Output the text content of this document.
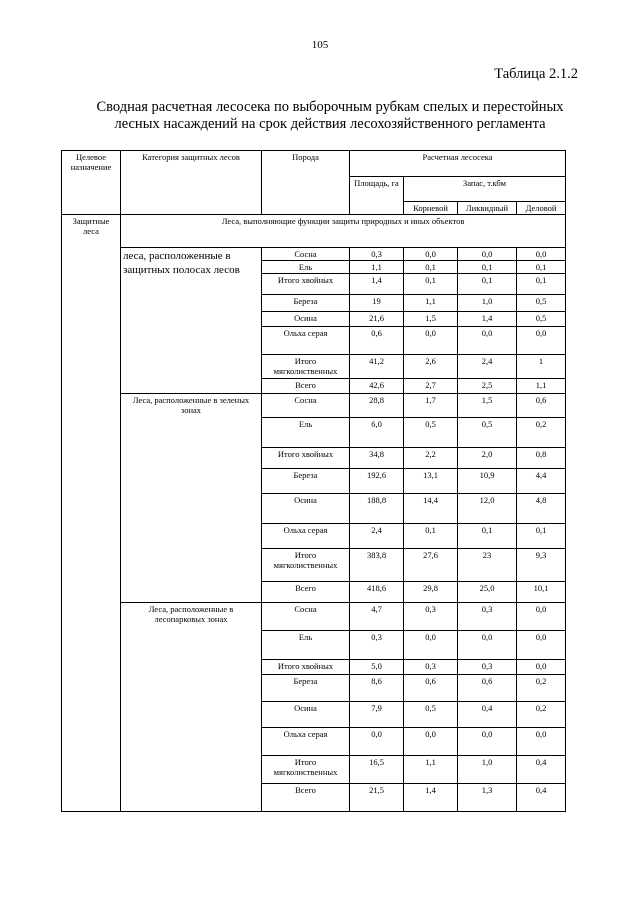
105
Таблица 2.1.2
Сводная расчетная лесосека по выборочным рубкам спелых и перестойных
лесных насаждений на срок действия лесохозяйственного регламента
Целевое назначение	Категория защитных лесов	Порода	Расчетная лесосека			
			Площадь, га	Запас, т.кбм		
				Корневой	Ликвидный	Деловой
Защитные леса	Леса, выполняющие функции защиты природных и иных объектов					
	леса, расположенные в защитных полосах лесов	Сосна	0,3	0,0	0,0	0,0
		Ель	1,1	0,1	0,1	0,1
		Итого хвойных	1,4	0,1	0,1	0,1
		Береза	19	1,1	1,0	0,5
		Осина	21,6	1,5	1,4	0,5
		Ольха серая	0,6	0,0	0,0	0,0
		Итого мягколиственных	41,2	2,6	2,4	1
		Всего	42,6	2,7	2,5	1,1
	Леса, расположенные в зеленых зонах	Сосна	28,8	1,7	1,5	0,6
		Ель	6,0	0,5	0,5	0,2
		Итого хвойных	34,8	2,2	2,0	0,8
		Береза	192,6	13,1	10,9	4,4
		Осина	188,8	14,4	12,0	4,8
		Ольха серая	2,4	0,1	0,1	0,1
		Итого мягколиственных	383,8	27,6	23	9,3
		Всего	418,6	29,8	25,0	10,1
	Леса, расположенные в лесопарковых зонах	Сосна	4,7	0,3	0,3	0,0
		Ель	0,3	0,0	0,0	0,0
		Итого хвойных	5,0	0,3	0,3	0,0
		Береза	8,6	0,6	0,6	0,2
		Осина	7,9	0,5	0,4	0,2
		Ольха серая	0,0	0,0	0,0	0,0
		Итого мягколиственных	16,5	1,1	1,0	0,4
		Всего	21,5	1,4	1,3	0,4
